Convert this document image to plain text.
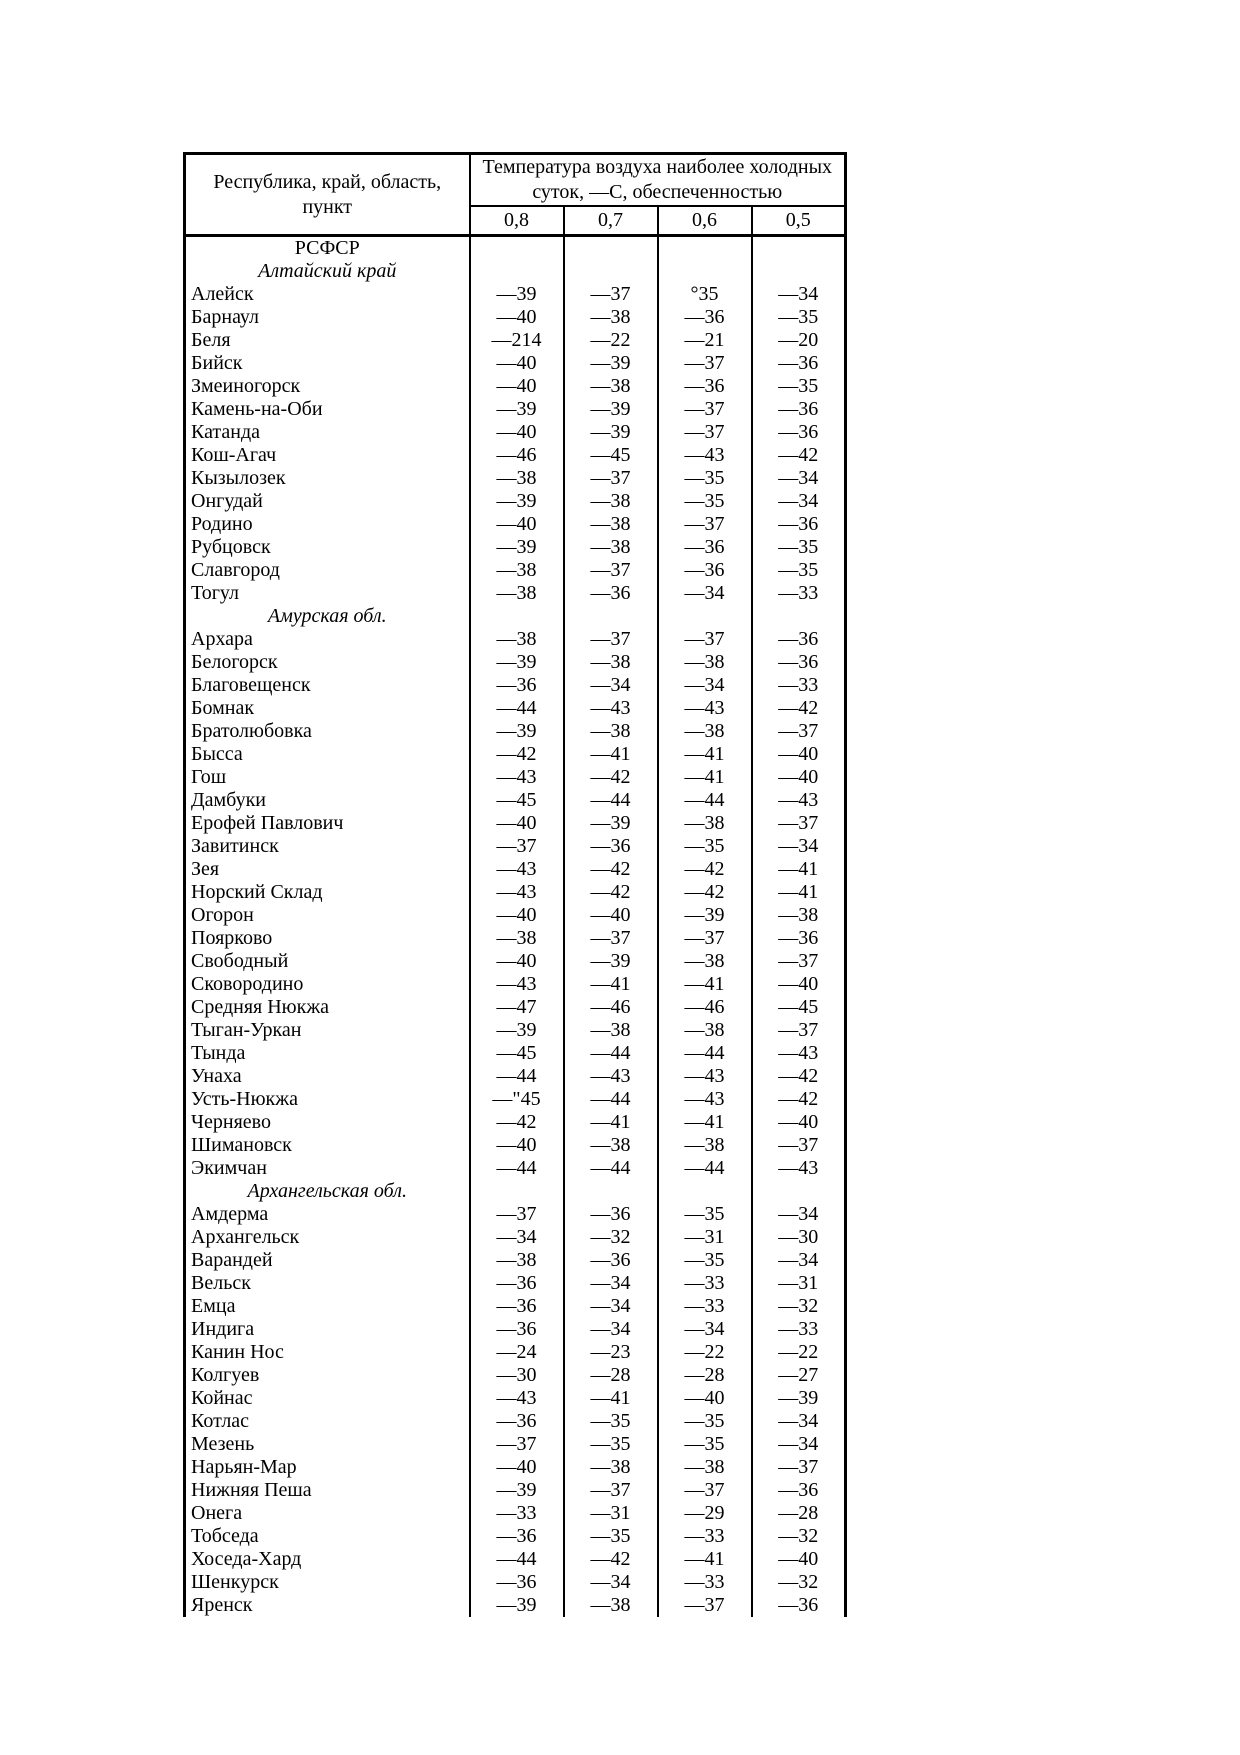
Республика, край, область,
пункт

Температура воздуха наиболее холодных
суток, —С, обеспеченностью

	0,8	0,7	0,6	0,5
РСФСР				
Алтайский край				
Алейск	—39	—37	°35	—34
Барнаул	—40	—38	—36	—35
Беля	—214	—22	—21	—20
Бийск	—40	—39	—37	—36
Змеиногорск	—40	—38	—36	—35
Камень-на-Оби	—39	—39	—37	—36
Катанда	—40	—39	—37	—36
Кош-Агач	—46	—45	—43	—42
Кызылозек	—38	—37	—35	—34
Онгудай	—39	—38	—35	—34
Родино	—40	—38	—37	—36
Рубцовск	—39	—38	—36	—35
Славгород	—38	—37	—36	—35
Тогул	—38	—36	—34	—33
Амурская обл.				
Архара	—38	—37	—37	—36
Белогорск	—39	—38	—38	—36
Благовещенск	—36	—34	—34	—33
Бомнак	—44	—43	—43	—42
Братолюбовка	—39	—38	—38	—37
Бысса	—42	—41	—41	—40
Гош	—43	—42	—41	—40
Дамбуки	—45	—44	—44	—43
Ерофей Павлович	—40	—39	—38	—37
Завитинск	—37	—36	—35	—34
Зея	—43	—42	—42	—41
Норский Склад	—43	—42	—42	—41
Огорон	—40	—40	—39	—38
Поярково	—38	—37	—37	—36
Свободный	—40	—39	—38	—37
Сковородино	—43	—41	—41	—40
Средняя Нюкжа	—47	—46	—46	—45
Тыган-Уркан	—39	—38	—38	—37
Тында	—45	—44	—44	—43
Унаха	—44	—43	—43	—42
Усть-Нюкжа	—"45	—44	—43	—42
Черняево	—42	—41	—41	—40
Шимановск	—40	—38	—38	—37
Экимчан	—44	—44	—44	—43
Архангельская обл.				
Амдерма	—37	—36	—35	—34
Архангельск	—34	—32	—31	—30
Варандей	—38	—36	—35	—34
Вельск	—36	—34	—33	—31
Емца	—36	—34	—33	—32
Индига	—36	—34	—34	—33
Канин Нос	—24	—23	—22	—22
Колгуев	—30	—28	—28	—27
Койнас	—43	—41	—40	—39
Котлас	—36	—35	—35	—34
Мезень	—37	—35	—35	—34
Нарьян-Мар	—40	—38	—38	—37
Нижняя Пеша	—39	—37	—37	—36
Онега	—33	—31	—29	—28
Тобседа	—36	—35	—33	—32
Хоседа-Хард	—44	—42	—41	—40
Шенкурск	—36	—34	—33	—32
Яренск	—39	—38	—37	—36
